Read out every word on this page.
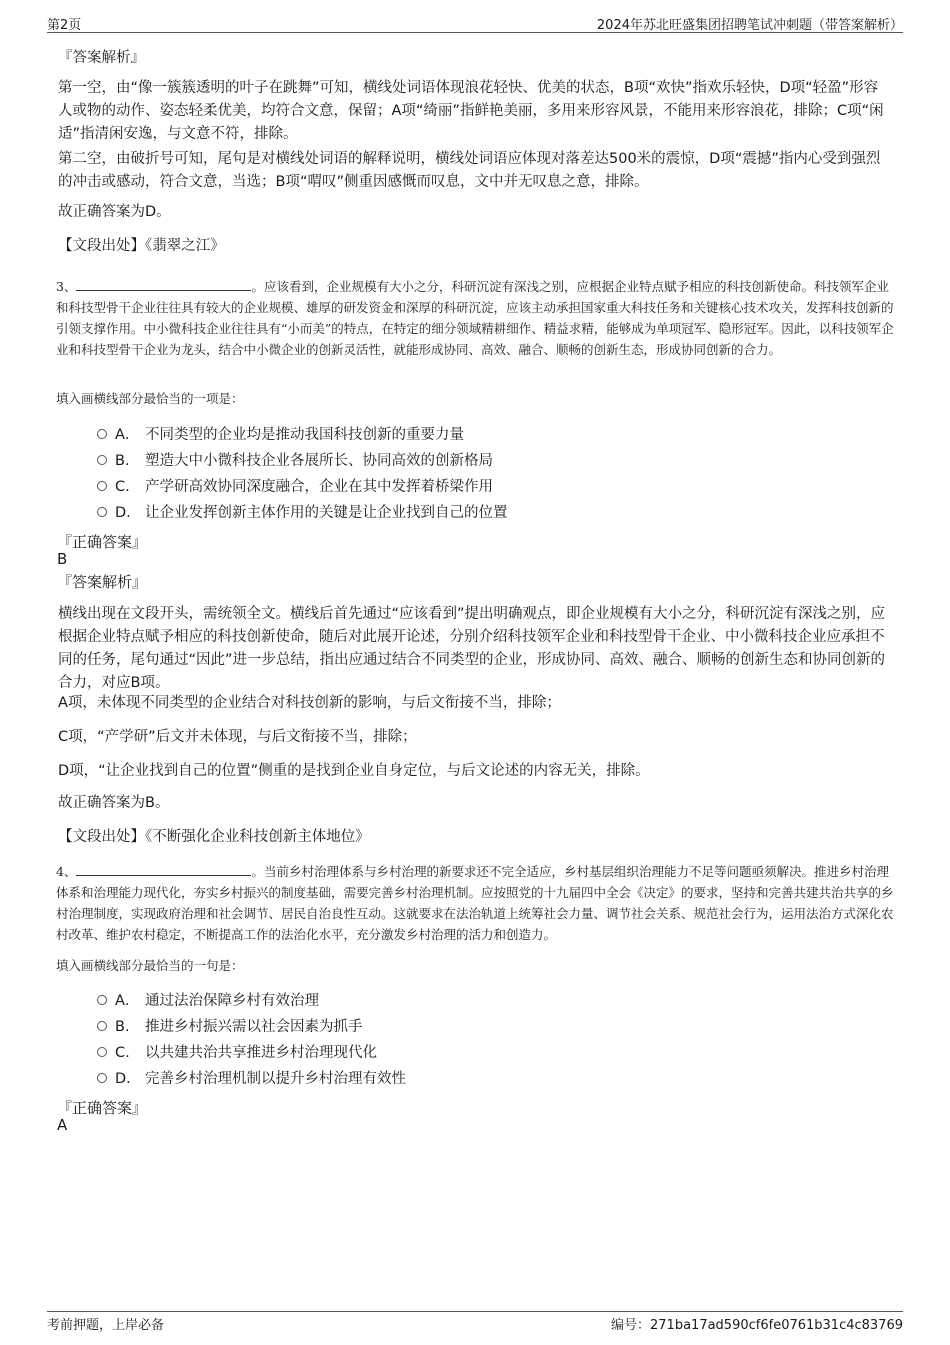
第2页	2024年苏北旺盛集团招聘笔试冲刺题（带答案解析）

『答案解析』

第一空，由“像一簇簇透明的叶子在跳舞”可知，横线处词语体现浪花轻快、优美的状态，B项“欢快”指欢乐轻快，D项“轻盈”形容人或物的动作、姿态轻柔优美，均符合文意，保留；A项“绮丽”指鲜艳美丽，多用来形容风景，不能用来形容浪花，排除；C项“闲适”指清闲安逸，与文意不符，排除。

第二空，由破折号可知，尾句是对横线处词语的解释说明，横线处词语应体现对落差达500米的震惊，D项“震撼”指内心受到强烈的冲击或感动，符合文意，当选；B项“喟叹”侧重因感慨而叹息，文中并无叹息之意，排除。

故正确答案为D。

【文段出处】《翡翠之江》

3、	。应该看到，企业规模有大小之分，科研沉淀有深浅之别，应根据企业特点赋予相应的科技创新使命。科技领军企业和科技型骨干企业往往具有较大的企业规模、雄厚的研发资金和深厚的科研沉淀，应该主动承担国家重大科技任务和关键核心技术攻关，发挥科技创新的引领支撑作用。中小微科技企业往往具有“小而美”的特点，在特定的细分领域精耕细作、精益求精，能够成为单项冠军、隐形冠军。因此，以科技领军企业和科技型骨干企业为龙头，结合中小微企业的创新灵活性，就能形成协同、高效、融合、顺畅的创新生态，形成协同创新的合力。

填入画横线部分最恰当的一项是：

A． 不同类型的企业均是推动我国科技创新的重要力量
B. 塑造大中小微科技企业各展所长、协同高效的创新格局
C. 产学研高效协同深度融合，企业在其中发挥着桥梁作用
D. 让企业发挥创新主体作用的关键是让企业找到自己的位置
『正确答案』
B
『答案解析』

横线出现在文段开头，需统领全文。横线后首先通过“应该看到”提出明确观点，即企业规模有大小之分，科研沉淀有深浅之别，应根据企业特点赋予相应的科技创新使命，随后对此展开论述，分别介绍科技领军企业和科技型骨干企业、中小微科技企业应承担不同的任务，尾句通过“因此”进一步总结，指出应通过结合不同类型的企业，形成协同、高效、融合、顺畅的创新生态和协同创新的合力，对应B项。

A项，未体现不同类型的企业结合对科技创新的影响，与后文衔接不当，排除；

C项，“产学研”后文并未体现，与后文衔接不当，排除；

D项，“让企业找到自己的位置”侧重的是找到企业自身定位，与后文论述的内容无关，排除。

故正确答案为B。

【文段出处】《不断强化企业科技创新主体地位》

4、	。当前乡村治理体系与乡村治理的新要求还不完全适应，乡村基层组织治理能力不足等问题亟须解决。推进乡村治理体系和治理能力现代化，夯实乡村振兴的制度基础，需要完善乡村治理机制。应按照党的十九届四中全会《决定》的要求，坚持和完善共建共治共享的乡村治理制度，实现政府治理和社会调节、居民自治良性互动。这就要求在法治轨道上统筹社会力量、调节社会关系、规范社会行为，运用法治方式深化农村改革、维护农村稳定，不断提高工作的法治化水平，充分激发乡村治理的活力和创造力。

填入画横线部分最恰当的一句是：

A． 通过法治保障乡村有效治理
B. 推进乡村振兴需以社会因素为抓手
C. 以共建共治共享推进乡村治理现代化
D. 完善乡村治理机制以提升乡村治理有效性
『正确答案』
A
考前押题，上岸必备	编号：271ba17ad590cf6fe0761b31c4c83769
